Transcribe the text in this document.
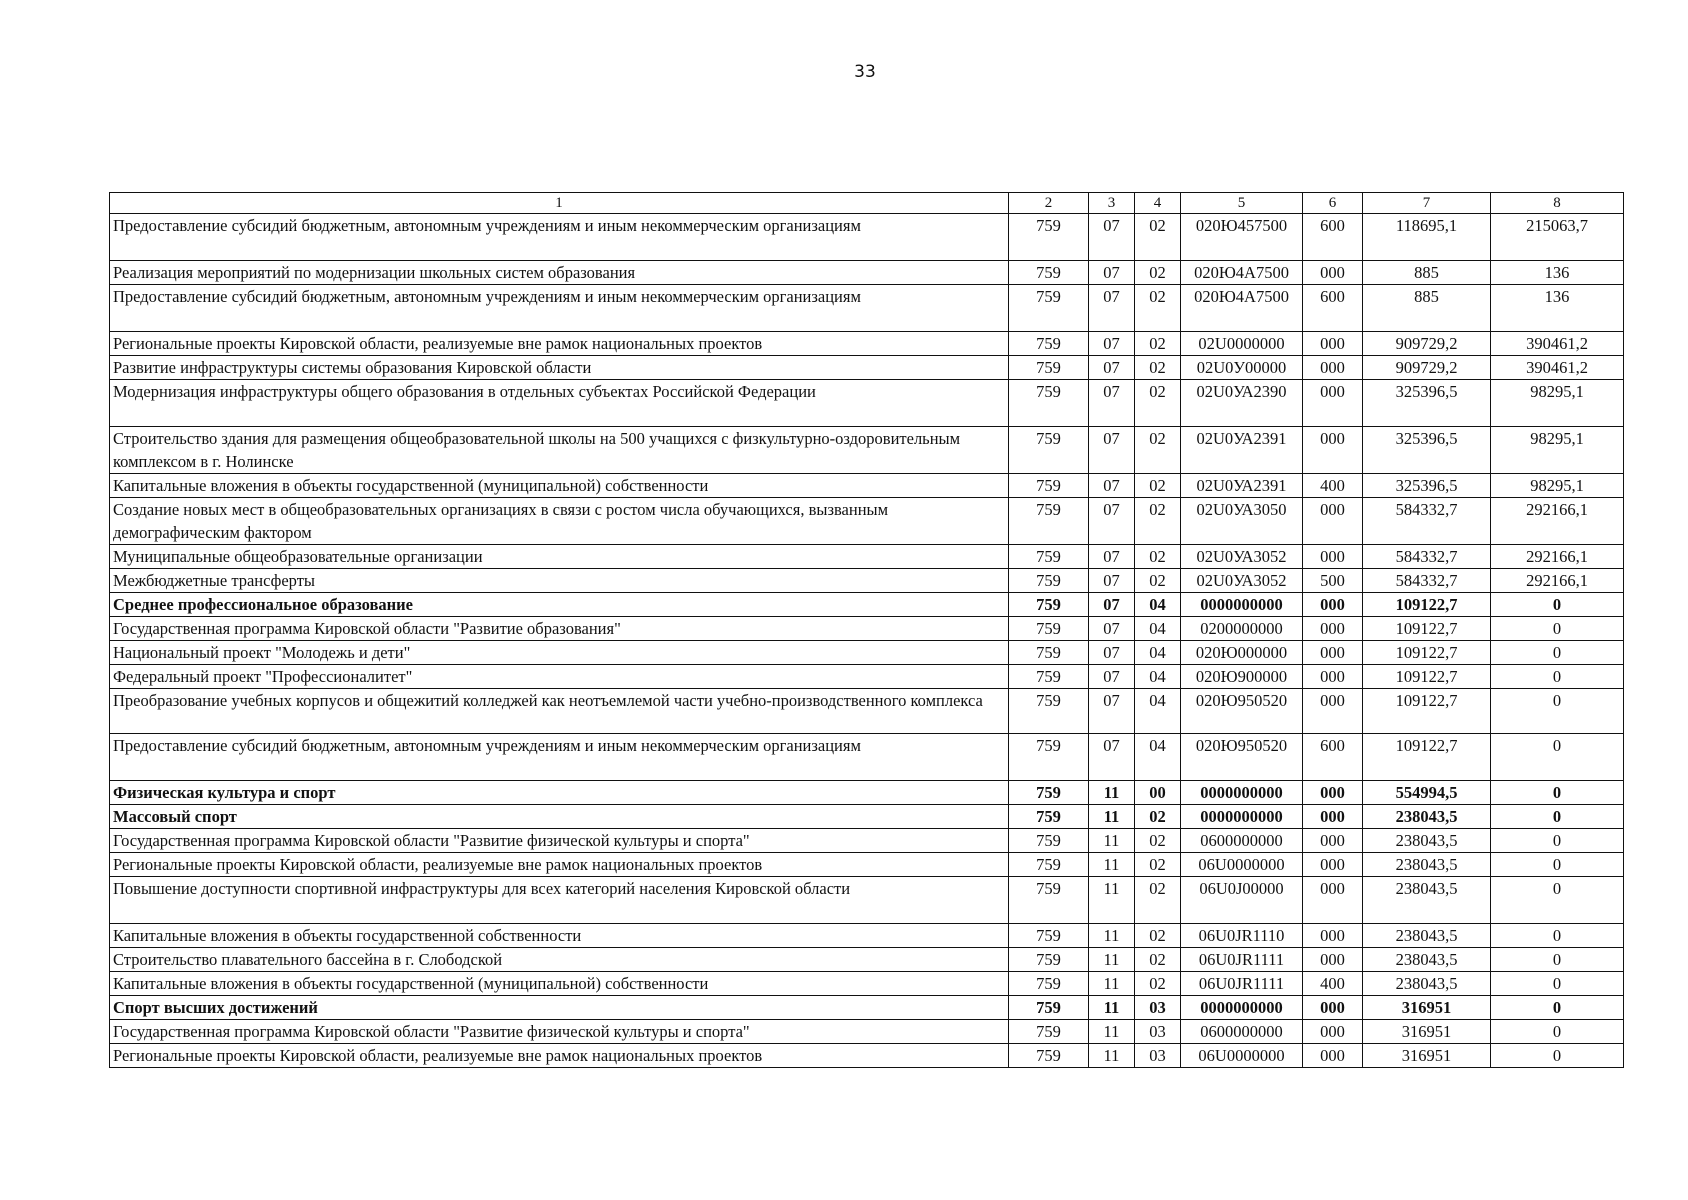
33
1	2	3	4	5	6	7	8
Предоставление субсидий бюджетным, автономным учреждениям и иным некоммерческим организациям	759	07	02	020Ю457500	600	118695,1	215063,7
Реализация мероприятий по модернизации школьных систем образования	759	07	02	020Ю4А7500	000	885	136
Предоставление субсидий бюджетным, автономным учреждениям и иным некоммерческим организациям	759	07	02	020Ю4А7500	600	885	136
Региональные проекты Кировской области, реализуемые вне рамок национальных проектов	759	07	02	02U0000000	000	909729,2	390461,2
Развитие инфраструктуры системы образования Кировской области	759	07	02	02U0У00000	000	909729,2	390461,2
Модернизация инфраструктуры общего образования в отдельных субъектах Российской Федерации	759	07	02	02U0УА2390	000	325396,5	98295,1
Строительство здания для размещения общеобразовательной школы на 500 учащихся с физкультурно-оздоровительным комплексом в г. Нолинске	759	07	02	02U0УА2391	000	325396,5	98295,1
Капитальные вложения в объекты государственной (муниципальной) собственности	759	07	02	02U0УА2391	400	325396,5	98295,1
Создание новых мест в общеобразовательных организациях в связи с ростом числа обучающихся, вызванным демографическим фактором	759	07	02	02U0УА3050	000	584332,7	292166,1
Муниципальные общеобразовательные организации	759	07	02	02U0УА3052	000	584332,7	292166,1
Межбюджетные трансферты	759	07	02	02U0УА3052	500	584332,7	292166,1
Среднее профессиональное образование	759	07	04	0000000000	000	109122,7	0
Государственная программа Кировской области "Развитие образования"	759	07	04	0200000000	000	109122,7	0
Национальный проект "Молодежь и дети"	759	07	04	020Ю000000	000	109122,7	0
Федеральный проект "Профессионалитет"	759	07	04	020Ю900000	000	109122,7	0
Преобразование учебных корпусов и общежитий колледжей как неотъемлемой части учебно-производственного комплекса	759	07	04	020Ю950520	000	109122,7	0
Предоставление субсидий бюджетным, автономным учреждениям и иным некоммерческим организациям	759	07	04	020Ю950520	600	109122,7	0
Физическая культура и спорт	759	11	00	0000000000	000	554994,5	0
Массовый спорт	759	11	02	0000000000	000	238043,5	0
Государственная программа Кировской области "Развитие физической культуры и спорта"	759	11	02	0600000000	000	238043,5	0
Региональные проекты Кировской области, реализуемые вне рамок национальных проектов	759	11	02	06U0000000	000	238043,5	0
Повышение доступности спортивной инфраструктуры для всех категорий населения Кировской области	759	11	02	06U0J00000	000	238043,5	0
Капитальные вложения в объекты государственной собственности	759	11	02	06U0JR1110	000	238043,5	0
Строительство плавательного бассейна в г. Слободской	759	11	02	06U0JR1111	000	238043,5	0
Капитальные вложения в объекты государственной (муниципальной) собственности	759	11	02	06U0JR1111	400	238043,5	0
Спорт высших достижений	759	11	03	0000000000	000	316951	0
Государственная программа Кировской области "Развитие физической культуры и спорта"	759	11	03	0600000000	000	316951	0
Региональные проекты Кировской области, реализуемые вне рамок национальных проектов	759	11	03	06U0000000	000	316951	0
